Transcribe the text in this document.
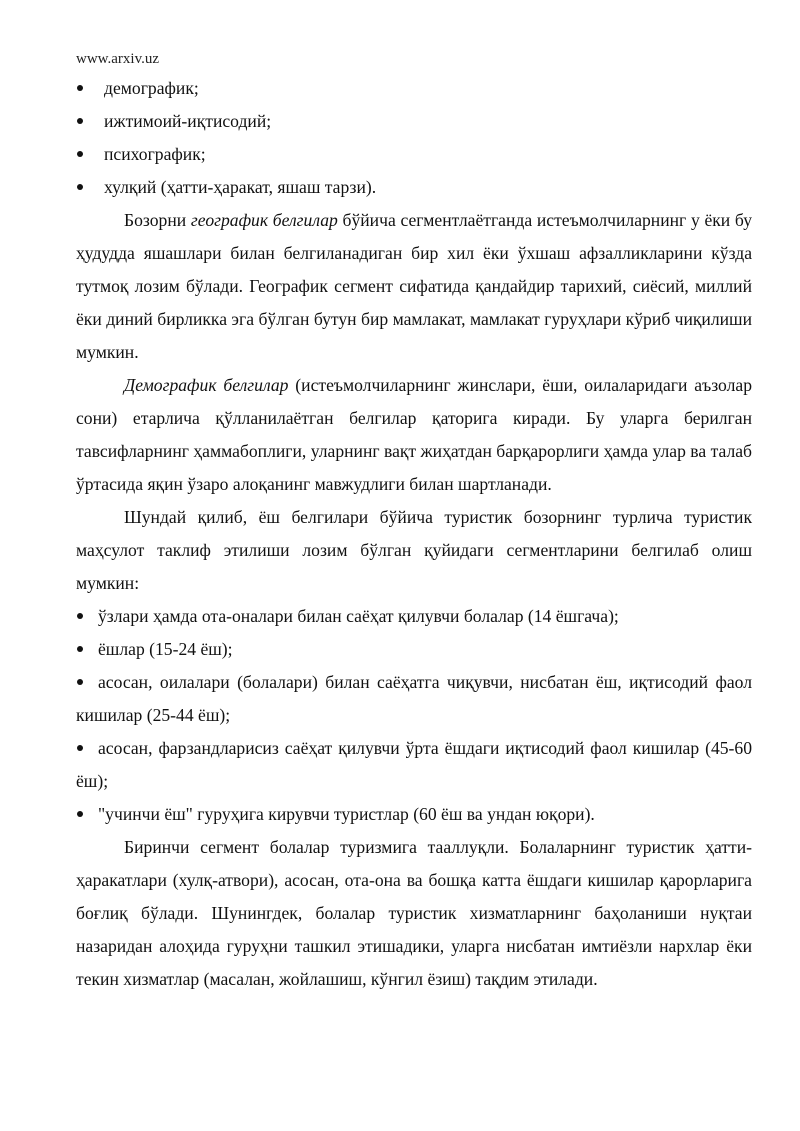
www.arxiv.uz
демографик;
ижтимоий-иқтисодий;
психографик;
хулқий (ҳатти-ҳаракат, яшаш тарзи).

Бозорни географик белгилар бўйича сегментлаётганда истеъмолчиларнинг у ёки бу ҳудудда яшашлари билан белгиланадиган бир хил ёки ўхшаш афзалликларини кўзда тутмоқ лозим бўлади. Географик сегмент сифатида қандайдир тарихий, сиёсий, миллий ёки диний бирликка эга бўлган бутун бир мамлакат, мамлакат гуруҳлари кўриб чиқилиши мумкин.

Демографик белгилар (истеъмолчиларнинг жинслари, ёши, оилаларидаги аъзолар сони) етарлича қўлланилаётган белгилар қаторига киради. Бу уларга берилган тавсифларнинг ҳаммабоплиги, уларнинг вақт жиҳатдан барқарорлиги ҳамда улар ва талаб ўртасида яқин ўзаро алоқанинг мавжудлиги билан шартланади.

Шундай қилиб, ёш белгилари бўйича туристик бозорнинг турлича туристик маҳсулот таклиф этилиши лозим бўлган қуйидаги сегментларини белгилаб олиш мумкин:

ўзлари ҳамда ота-оналари билан саёҳат қилувчи болалар (14 ёшгача);
ёшлар (15-24 ёш);
асосан, оилалари (болалари) билан саёҳатга чиқувчи, нисбатан ёш, иқтисодий фаол кишилар (25-44 ёш);
асосан, фарзандларисиз саёҳат қилувчи ўрта ёшдаги иқтисодий фаол кишилар (45-60 ёш);
"учинчи ёш" гуруҳига кирувчи туристлар (60 ёш ва ундан юқори).

Биринчи сегмент болалар туризмига тааллуқли. Болаларнинг туристик ҳатти-ҳаракатлари (хулқ-атвори), асосан, ота-она ва бошқа катта ёшдаги кишилар қарорларига боғлиқ бўлади. Шунингдек, болалар туристик хизматларнинг баҳоланиши нуқтаи назаридан алоҳида гуруҳни ташкил этишадики, уларга нисбатан имтиёзли нархлар ёки текин хизматлар (масалан, жойлашиш, кўнгил ёзиш) тақдим этилади.
